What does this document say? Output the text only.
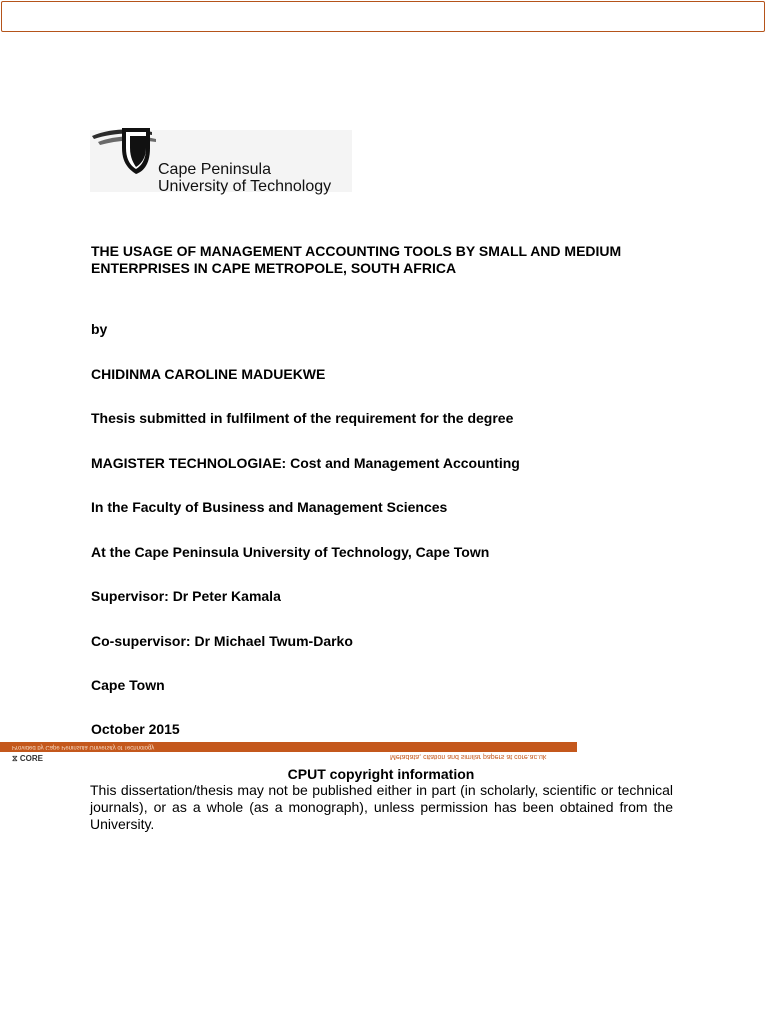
Cape Peninsula
University of Technology
THE USAGE OF MANAGEMENT ACCOUNTING TOOLS BY SMALL AND MEDIUM ENTERPRISES IN CAPE METROPOLE, SOUTH AFRICA
by
CHIDINMA CAROLINE MADUEKWE
Thesis submitted in fulfilment of the requirement for the degree
MAGISTER TECHNOLOGIAE: Cost and Management Accounting
In the Faculty of Business and Management Sciences
At the Cape Peninsula University of Technology, Cape Town
Supervisor: Dr Peter Kamala
Co-supervisor: Dr Michael Twum-Darko
Cape Town
October 2015
Provided by Cape Peninsula University of Technology
⧖ CORE	Metadata, citation and similar papers at core.ac.uk
CPUT copyright information
This dissertation/thesis may not be published either in part (in scholarly, scientific or technical journals), or as a whole (as a monograph), unless permission has been obtained from the University.
